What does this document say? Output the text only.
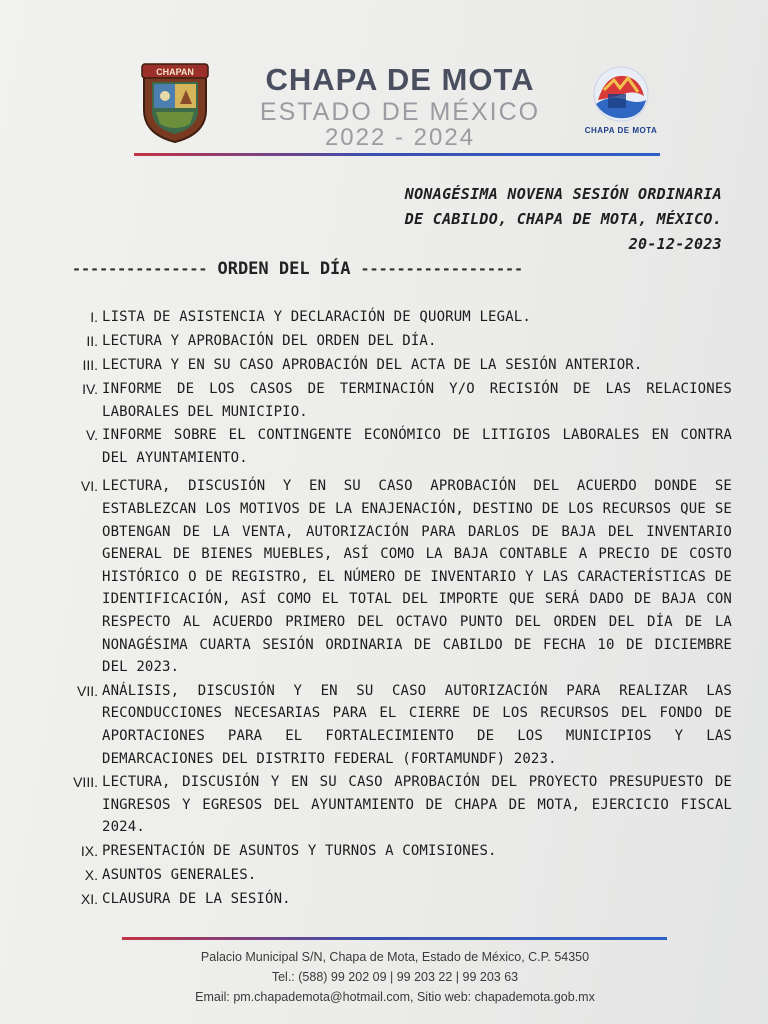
CHAPAN	CHAPA DE MOTA
ESTADO DE MÉXICO
2022 - 2024	CHAPA DE MOTA
NONAGÉSIMA NOVENA SESIÓN ORDINARIA
DE CABILDO, CHAPA DE MOTA, MÉXICO.
20-12-2023
--------------- ORDEN DEL DÍA ------------------
I. LISTA DE ASISTENCIA Y DECLARACIÓN DE QUORUM LEGAL.
II. LECTURA Y APROBACIÓN DEL ORDEN DEL DÍA.
III. LECTURA Y EN SU CASO APROBACIÓN DEL ACTA DE LA SESIÓN ANTERIOR.
IV. INFORME DE LOS CASOS DE TERMINACIÓN Y/O RECISIÓN DE LAS RELACIONES LABORALES DEL MUNICIPIO.
V. INFORME SOBRE EL CONTINGENTE ECONÓMICO DE LITIGIOS LABORALES EN CONTRA DEL AYUNTAMIENTO.
VI. LECTURA, DISCUSIÓN Y EN SU CASO APROBACIÓN DEL ACUERDO DONDE SE ESTABLEZCAN LOS MOTIVOS DE LA ENAJENACIÓN, DESTINO DE LOS RECURSOS QUE SE OBTENGAN DE LA VENTA, AUTORIZACIÓN PARA DARLOS DE BAJA DEL INVENTARIO GENERAL DE BIENES MUEBLES, ASÍ COMO LA BAJA CONTABLE A PRECIO DE COSTO HISTÓRICO O DE REGISTRO, EL NÚMERO DE INVENTARIO Y LAS CARACTERÍSTICAS DE IDENTIFICACIÓN, ASÍ COMO EL TOTAL DEL IMPORTE QUE SERÁ DADO DE BAJA CON RESPECTO AL ACUERDO PRIMERO DEL OCTAVO PUNTO DEL ORDEN DEL DÍA DE LA NONAGÉSIMA CUARTA SESIÓN ORDINARIA DE CABILDO DE FECHA 10 DE DICIEMBRE DEL 2023.
VII. ANÁLISIS, DISCUSIÓN Y EN SU CASO AUTORIZACIÓN PARA REALIZAR LAS RECONDUCCIONES NECESARIAS PARA EL CIERRE DE LOS RECURSOS DEL FONDO DE APORTACIONES PARA EL FORTALECIMIENTO DE LOS MUNICIPIOS Y LAS DEMARCACIONES DEL DISTRITO FEDERAL (FORTAMUNDF) 2023.
VIII. LECTURA, DISCUSIÓN Y EN SU CASO APROBACIÓN DEL PROYECTO PRESUPUESTO DE INGRESOS Y EGRESOS DEL AYUNTAMIENTO DE CHAPA DE MOTA, EJERCICIO FISCAL 2024.
IX. PRESENTACIÓN DE ASUNTOS Y TURNOS A COMISIONES.
X. ASUNTOS GENERALES.
XI. CLAUSURA DE LA SESIÓN.
Palacio Municipal S/N, Chapa de Mota, Estado de México, C.P. 54350
Tel.: (588) 99 202 09 | 99 203 22 | 99 203 63
Email: pm.chapademota@hotmail.com, Sitio web: chapademota.gob.mx
